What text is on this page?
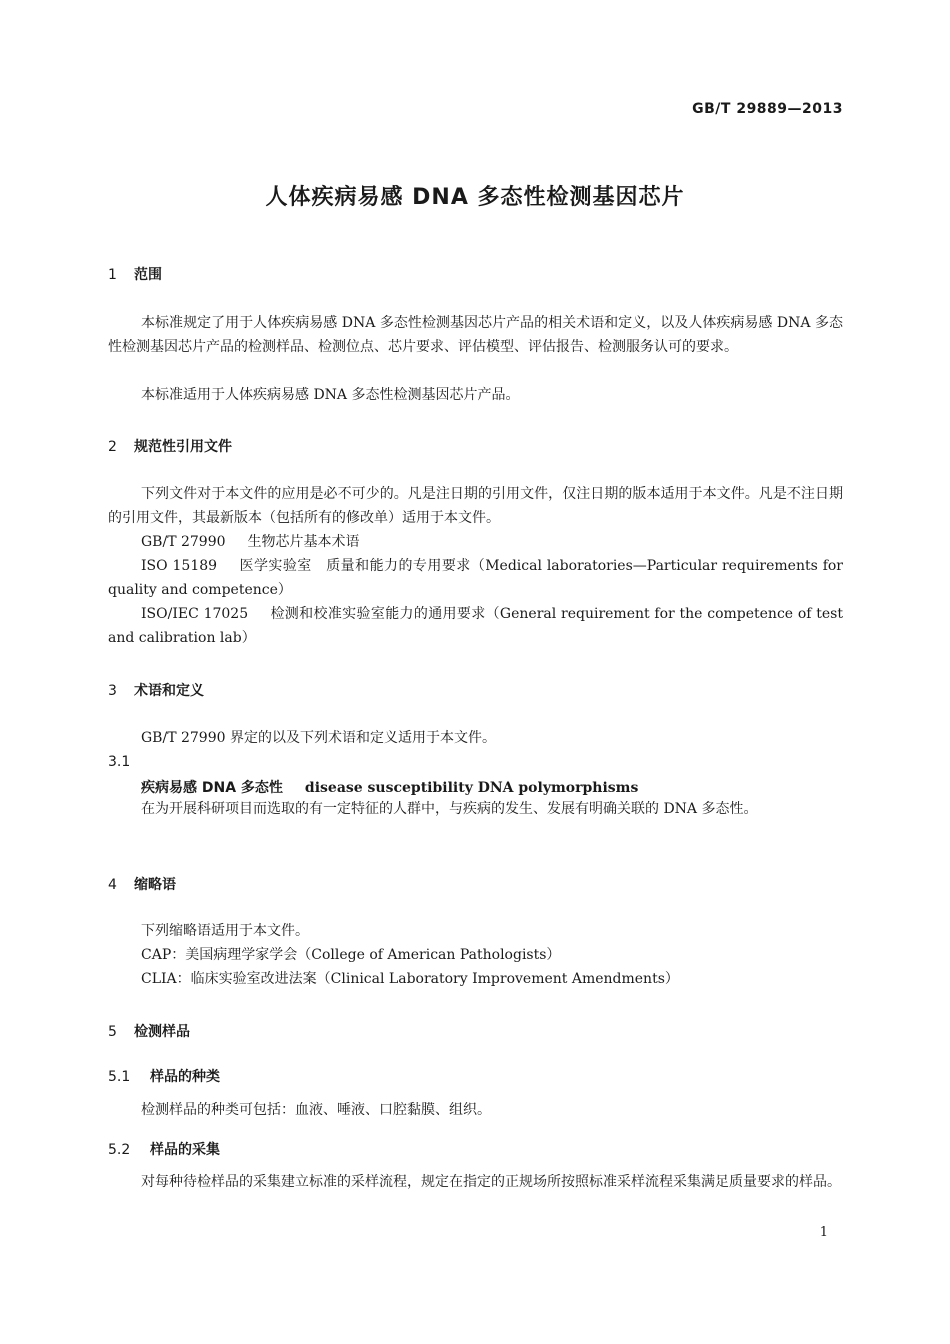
GB/T 29889—2013
人体疾病易感 DNA 多态性检测基因芯片
1 范围

本标准规定了用于人体疾病易感 DNA 多态性检测基因芯片产品的相关术语和定义，以及人体疾病易感 DNA 多态性检测基因芯片产品的检测样品、检测位点、芯片要求、评估模型、评估报告、检测服务认可的要求。

本标准适用于人体疾病易感 DNA 多态性检测基因芯片产品。

2 规范性引用文件

下列文件对于本文件的应用是必不可少的。凡是注日期的引用文件，仅注日期的版本适用于本文件。凡是不注日期的引用文件，其最新版本（包括所有的修改单）适用于本文件。

GB/T 27990 生物芯片基本术语

ISO 15189 医学实验室　质量和能力的专用要求（Medical laboratories—Particular requirements for quality and competence）

ISO/IEC 17025 检测和校准实验室能力的通用要求（General requirement for the competence of test and calibration lab）

3 术语和定义

GB/T 27990 界定的以及下列术语和定义适用于本文件。

3.1
疾病易感 DNA 多态性 disease susceptibility DNA polymorphisms

在为开展科研项目而选取的有一定特征的人群中，与疾病的发生、发展有明确关联的 DNA 多态性。

4 缩略语
下列缩略语适用于本文件。
CAP：美国病理学家学会（College of American Pathologists）
CLIA：临床实验室改进法案（Clinical Laboratory Improvement Amendments）
5 检测样品
5.1 样品的种类
检测样品的种类可包括：血液、唾液、口腔黏膜、组织。
5.2 样品的采集

对每种待检样品的采集建立标准的采样流程，规定在指定的正规场所按照标准采样流程采集满足质量要求的样品。

1
